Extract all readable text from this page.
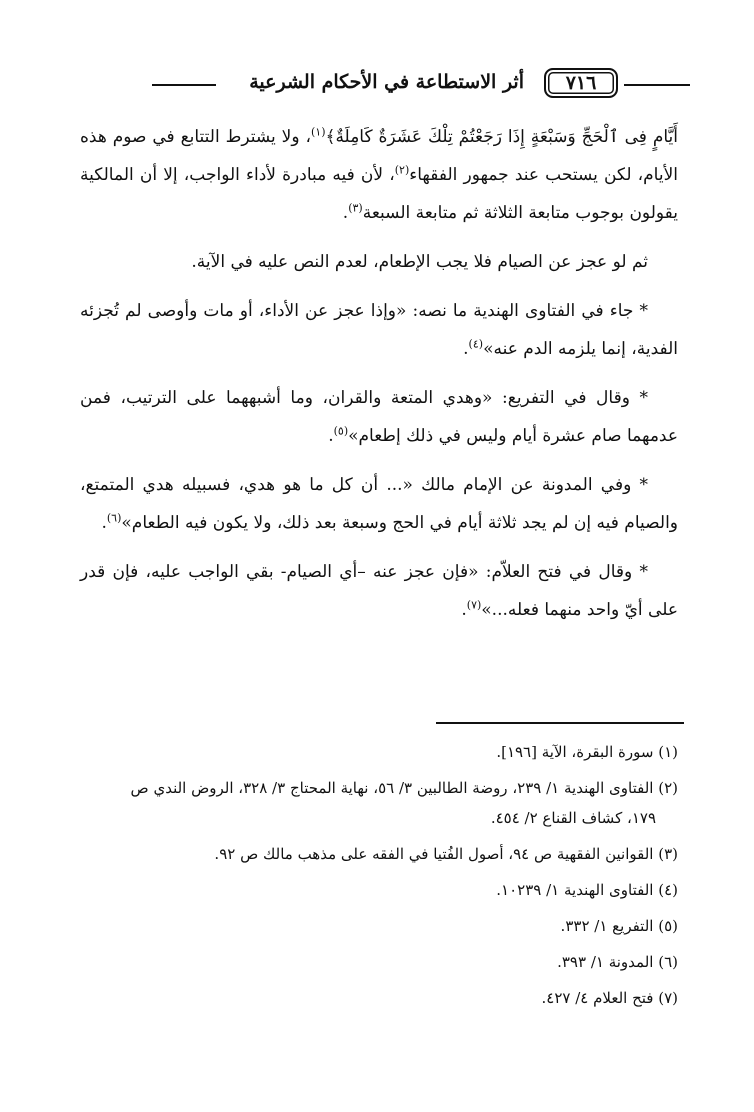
٧١٦
أثر الاستطاعة في الأحكام الشرعية

أَيَّامٍ فِى ٱلْحَجِّ وَسَبْعَةٍ إِذَا رَجَعْتُمْ تِلْكَ عَشَرَةٌ كَامِلَةٌ﴾$^{(١)}$، ولا يشترط التتابع في صوم هذه الأيام، لكن يستحب عند جمهور الفقهاء$^{(٢)}$، لأن فيه مبادرة لأداء الواجب، إلا أن المالكية يقولون بوجوب متابعة الثلاثة ثم متابعة السبعة$^{(٣)}$.

ثم لو عجز عن الصيام فلا يجب الإطعام، لعدم النص عليه في الآية.

* جاء في الفتاوى الهندية ما نصه: «وإذا عجز عن الأداء، أو مات وأوصى لم تُجزئه الفدية، إنما يلزمه الدم عنه»$^{(٤)}$.

* وقال في التفريع: «وهدي المتعة والقران، وما أشبههما على الترتيب، فمن عدمهما صام عشرة أيام وليس في ذلك إطعام»$^{(٥)}$.

* وفي المدونة عن الإمام مالك «... أن كل ما هو هدي، فسبيله هدي المتمتع، والصيام فيه إن لم يجد ثلاثة أيام في الحج وسبعة بعد ذلك، ولا يكون فيه الطعام»$^{(٦)}$.

* وقال في فتح العلاّم: «فإن عجز عنه –أي الصيام- بقي الواجب عليه، فإن قدر على أيّ واحد منهما فعله...»$^{(٧)}$.

(١) سورة البقرة، الآية [١٩٦].

(٢) الفتاوى الهندية ١/ ٢٣٩، روضة الطالبين ٣/ ٥٦، نهاية المحتاج ٣/ ٣٢٨، الروض الندي ص
١٧٩، كشاف القناع ٢/ ٤٥٤.

(٣) القوانين الفقهية ص ٩٤، أصول الفُتيا في الفقه على مذهب مالك ص ٩٢.

(٤) الفتاوى الهندية ١/ ١٠٢٣٩.

(٥) التفريع ١/ ٣٣٢.

(٦) المدونة ١/ ٣٩٣.

(٧) فتح العلام ٤/ ٤٢٧.
